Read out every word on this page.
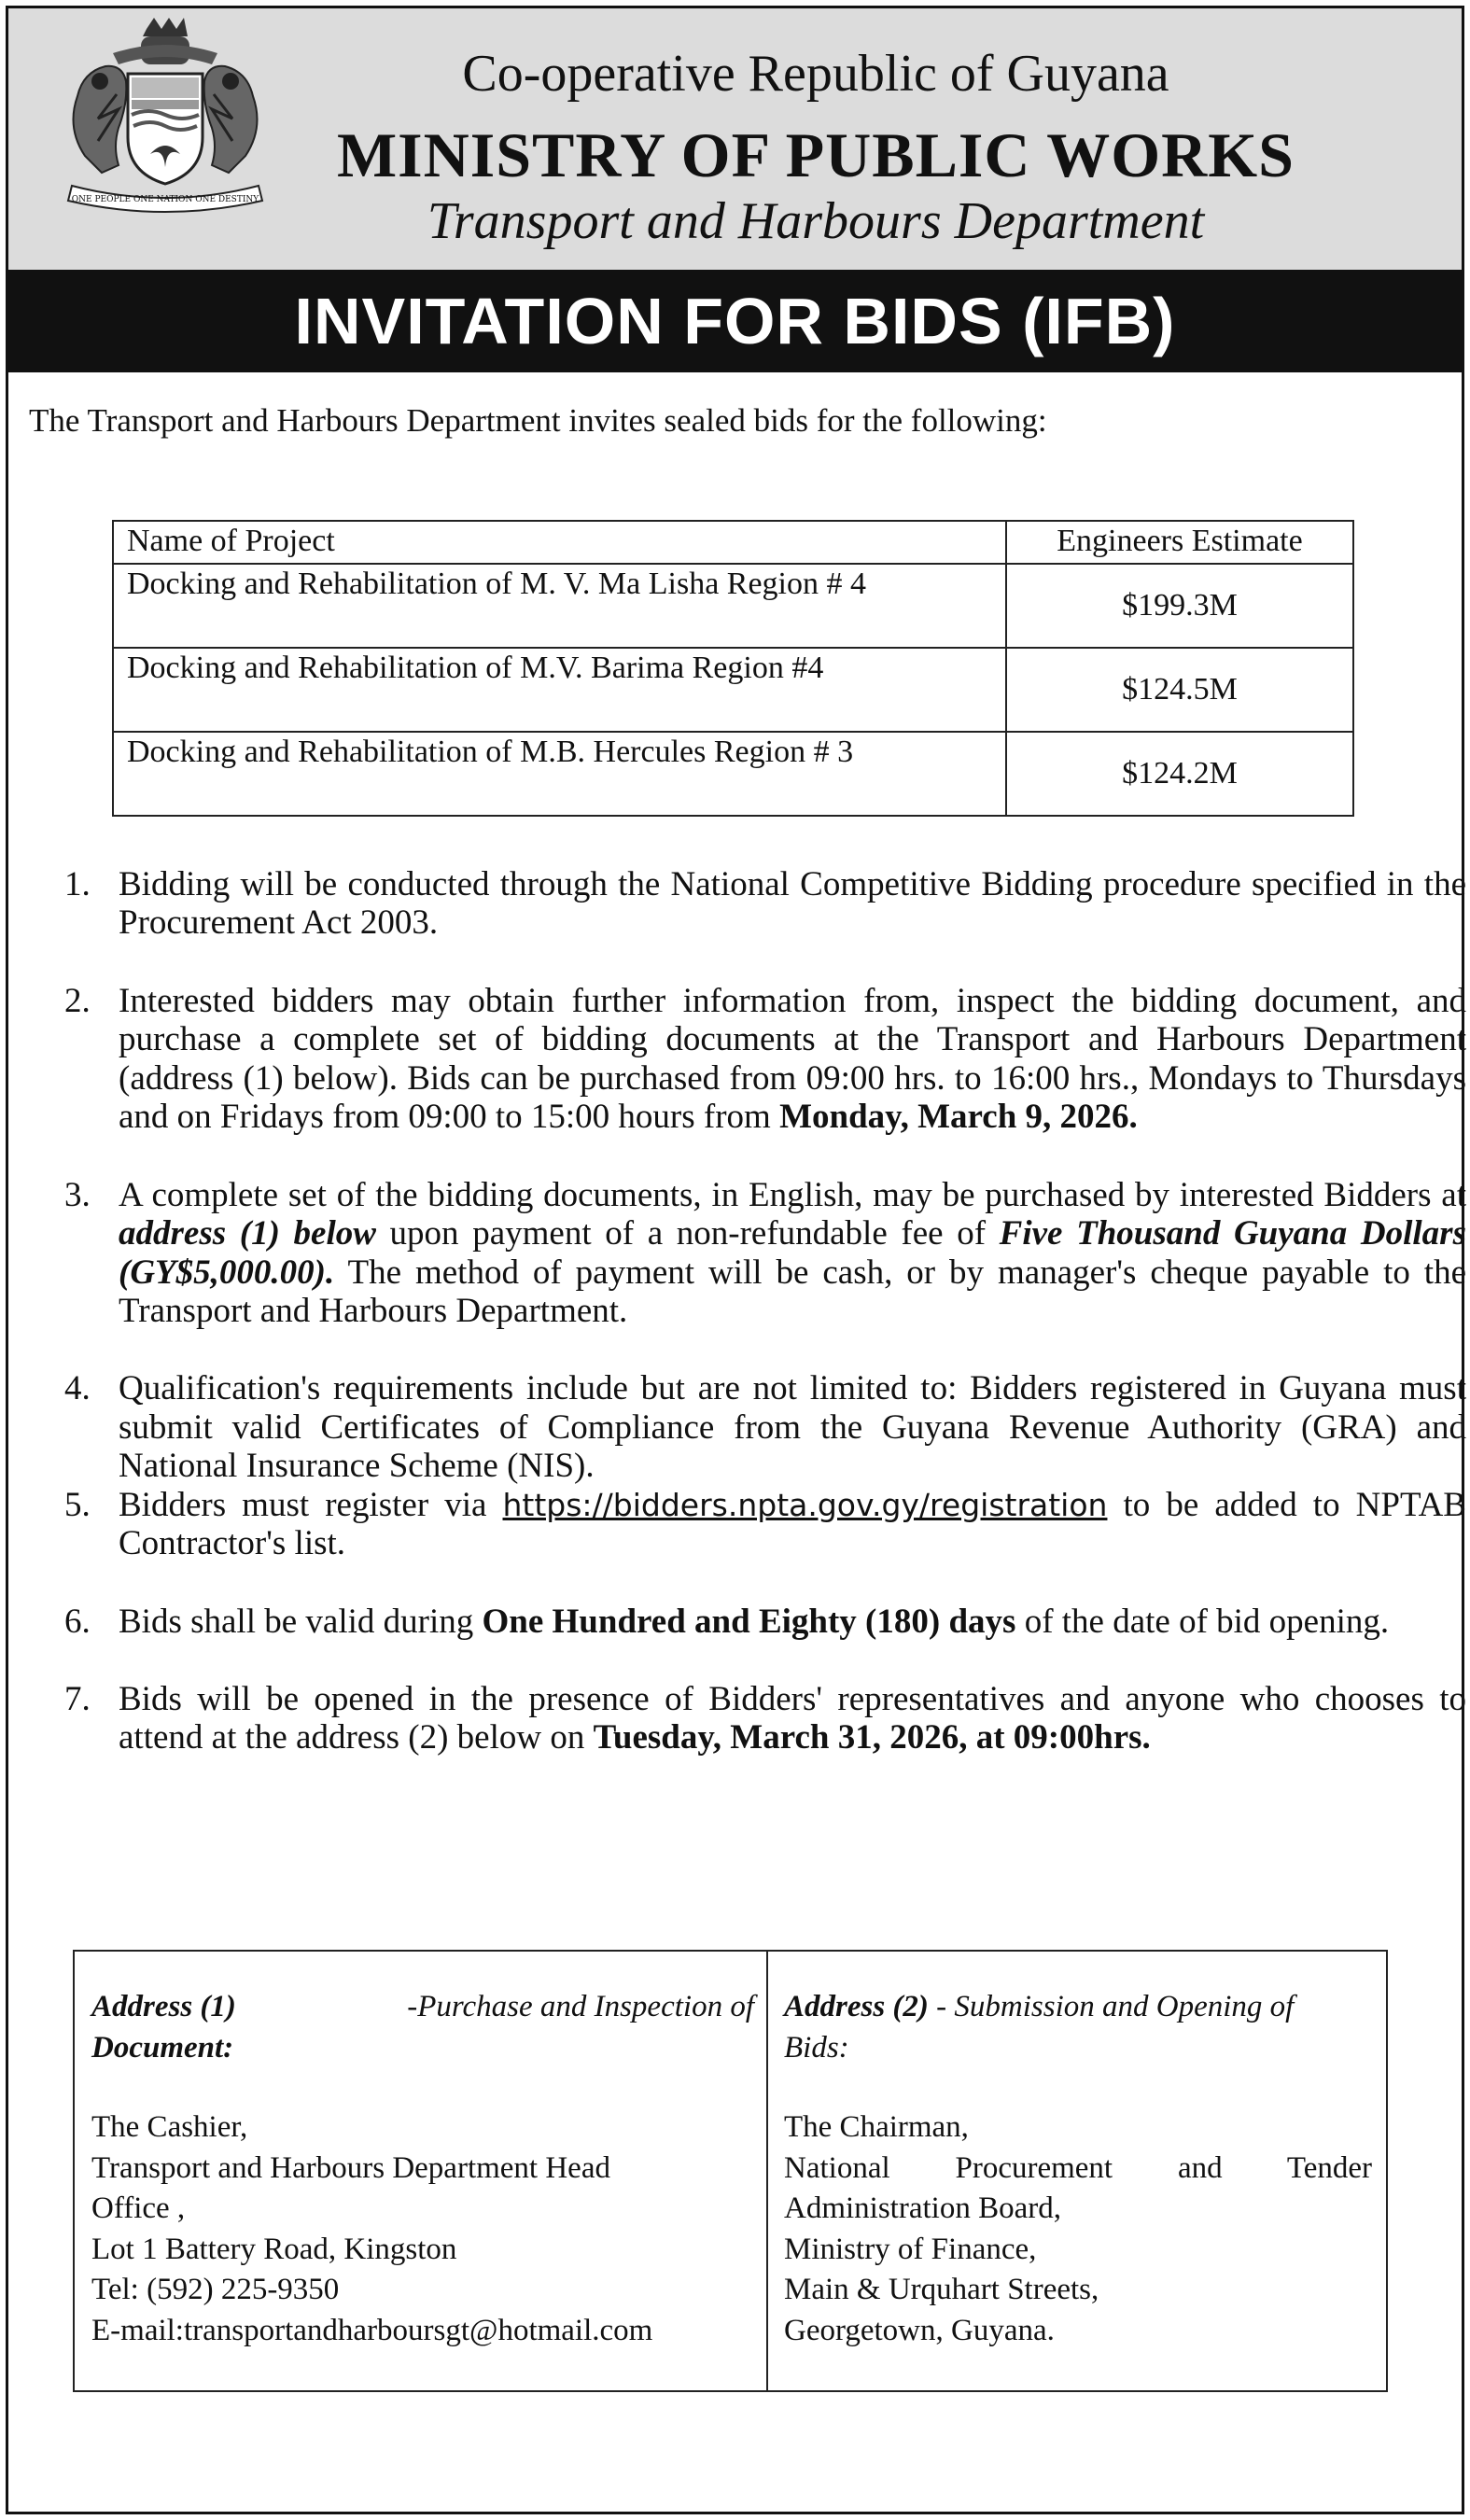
ONE PEOPLE ONE NATION ONE DESTINY
Co-operative Republic of Guyana
MINISTRY OF PUBLIC WORKS
Transport and Harbours Department
INVITATION FOR BIDS (IFB)
The Transport and Harbours Department invites sealed bids for the following:
Name of Project	Engineers Estimate
Docking and Rehabilitation of M. V. Ma Lisha Region # 4	$199.3M
Docking and Rehabilitation of M.V. Barima Region #4	$124.5M
Docking and Rehabilitation of M.B. Hercules Region # 3	$124.2M
1. Bidding will be conducted through the National Competitive Bidding procedure specified in the Procurement Act 2003.
2. Interested bidders may obtain further information from, inspect the bidding document, and purchase a complete set of bidding documents at the Transport and Harbours Department (address (1) below). Bids can be purchased from 09:00 hrs. to 16:00 hrs., Mondays to Thursdays and on Fridays from 09:00 to 15:00 hours from Monday, March 9, 2026.
3. A complete set of the bidding documents, in English, may be purchased by interested Bidders at address (1) below upon payment of a non-refundable fee of Five Thousand Guyana Dollars (GY$5,000.00). The method of payment will be cash, or by manager's cheque payable to the Transport and Harbours Department.
4. Qualification's requirements include but are not limited to: Bidders registered in Guyana must submit valid Certificates of Compliance from the Guyana Revenue Authority (GRA) and National Insurance Scheme (NIS).
5. Bidders must register via https://bidders.npta.gov.gy/registration to be added to NPTAB Contractor's list.
6. Bids shall be valid during One Hundred and Eighty (180) days of the date of bid opening.
7. Bids will be opened in the presence of Bidders' representatives and anyone who chooses to attend at the address (2) below on Tuesday, March 31, 2026, at 09:00hrs.
Address (1)	-Purchase and Inspection of
Document:
The Cashier,
Transport and Harbours Department Head
Office ,
Lot 1 Battery Road, Kingston
Tel: (592) 225-9350
E-mail:transportandharboursgt@hotmail.com
Address (2) - Submission and Opening of
Bids:
The Chairman,
National Procurement and Tender
Administration Board,
Ministry of Finance,
Main & Urquhart Streets,
Georgetown, Guyana.
